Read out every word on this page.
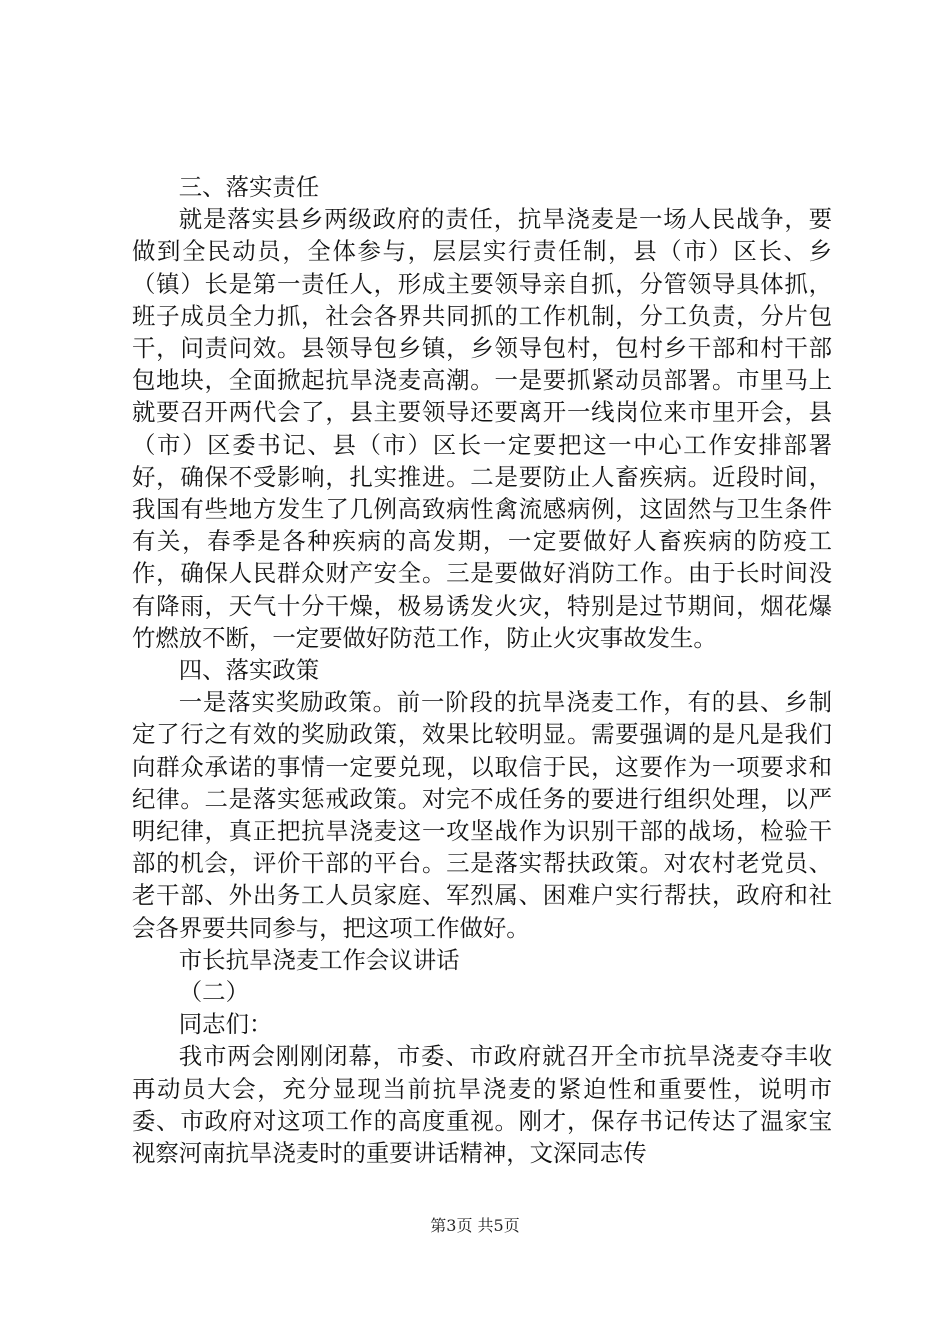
三、落实责任

就是落实县乡两级政府的责任，抗旱浇麦是一场人民战争，要做到全民动员，全体参与，层层实行责任制，县（市）区长、乡（镇）长是第一责任人，形成主要领导亲自抓，分管领导具体抓，班子成员全力抓，社会各界共同抓的工作机制，分工负责，分片包干，问责问效。县领导包乡镇，乡领导包村，包村乡干部和村干部包地块，全面掀起抗旱浇麦高潮。一是要抓紧动员部署。市里马上就要召开两代会了，县主要领导还要离开一线岗位来市里开会，县（市）区委书记、县（市）区长一定要把这一中心工作安排部署好，确保不受影响，扎实推进。二是要防止人畜疾病。近段时间，我国有些地方发生了几例高致病性禽流感病例，这固然与卫生条件有关，春季是各种疾病的高发期，一定要做好人畜疾病的防疫工作，确保人民群众财产安全。三是要做好消防工作。由于长时间没有降雨，天气十分干燥，极易诱发火灾，特别是过节期间，烟花爆竹燃放不断，一定要做好防范工作，防止火灾事故发生。

四、落实政策

一是落实奖励政策。前一阶段的抗旱浇麦工作，有的县、乡制定了行之有效的奖励政策，效果比较明显。需要强调的是凡是我们向群众承诺的事情一定要兑现，以取信于民，这要作为一项要求和纪律。二是落实惩戒政策。对完不成任务的要进行组织处理，以严明纪律，真正把抗旱浇麦这一攻坚战作为识别干部的战场，检验干部的机会，评价干部的平台。三是落实帮扶政策。对农村老党员、老干部、外出务工人员家庭、军烈属、困难户实行帮扶，政府和社会各界要共同参与，把这项工作做好。

市长抗旱浇麦工作会议讲话

（二）

同志们：

我市两会刚刚闭幕，市委、市政府就召开全市抗旱浇麦夺丰收再动员大会，充分显现当前抗旱浇麦的紧迫性和重要性，说明市委、市政府对这项工作的高度重视。刚才，保存书记传达了温家宝视察河南抗旱浇麦时的重要讲话精神，文深同志传

第3页 共5页
